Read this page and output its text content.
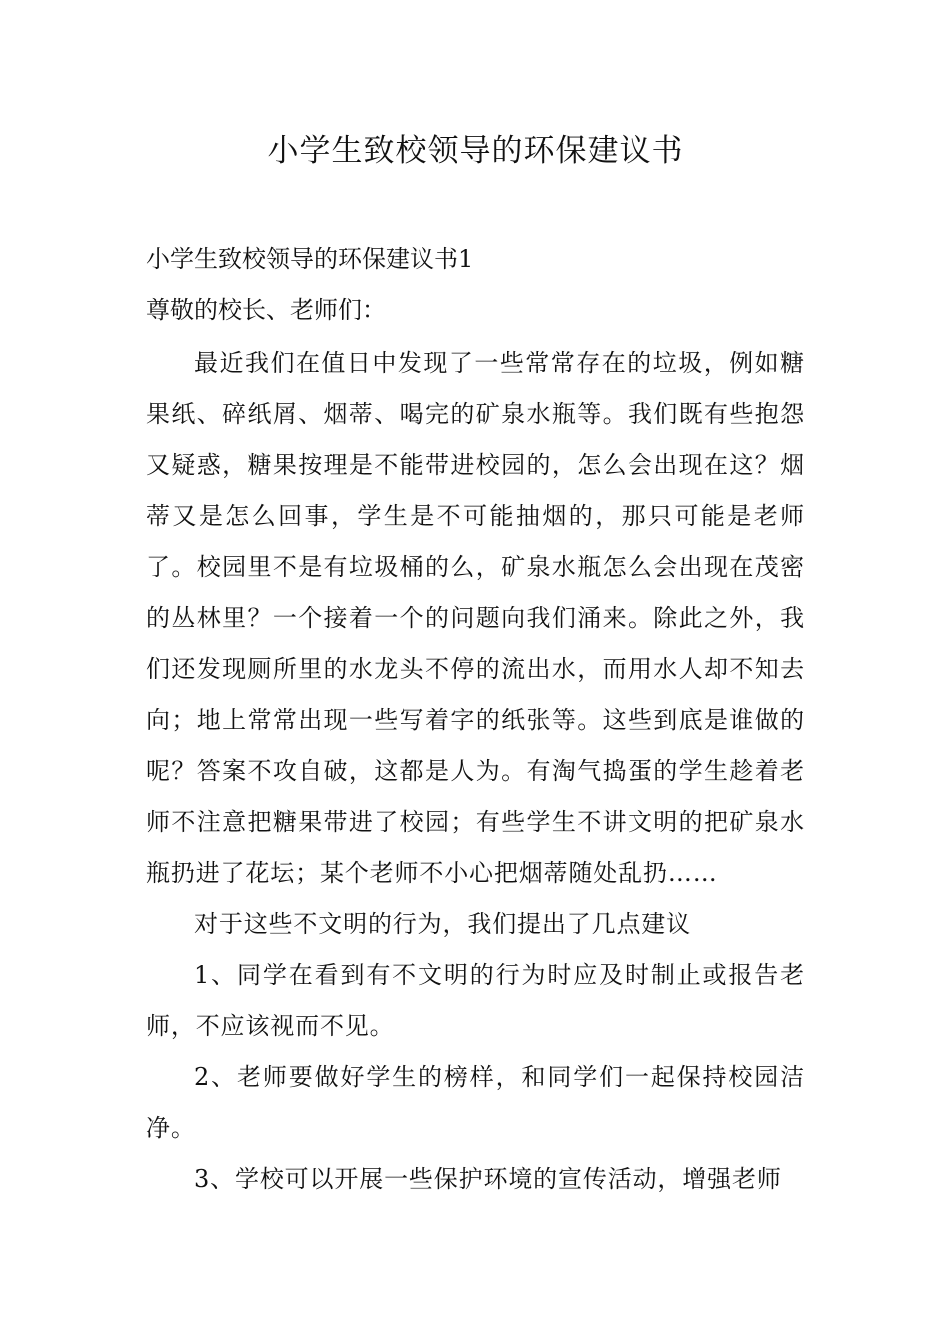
小学生致校领导的环保建议书

小学生致校领导的环保建议书1

尊敬的校长、老师们：

最近我们在值日中发现了一些常常存在的垃圾，例如糖果纸、碎纸屑、烟蒂、喝完的矿泉水瓶等。我们既有些抱怨又疑惑，糖果按理是不能带进校园的，怎么会出现在这？烟蒂又是怎么回事，学生是不可能抽烟的，那只可能是老师了。校园里不是有垃圾桶的么，矿泉水瓶怎么会出现在茂密的丛林里？一个接着一个的问题向我们涌来。除此之外，我们还发现厕所里的水龙头不停的流出水，而用水人却不知去向；地上常常出现一些写着字的纸张等。这些到底是谁做的呢？答案不攻自破，这都是人为。有淘气捣蛋的学生趁着老师不注意把糖果带进了校园；有些学生不讲文明的把矿泉水瓶扔进了花坛；某个老师不小心把烟蒂随处乱扔……

对于这些不文明的行为，我们提出了几点建议

1、同学在看到有不文明的行为时应及时制止或报告老师，不应该视而不见。

2、老师要做好学生的榜样，和同学们一起保持校园洁净。

3、学校可以开展一些保护环境的宣传活动，增强老师
